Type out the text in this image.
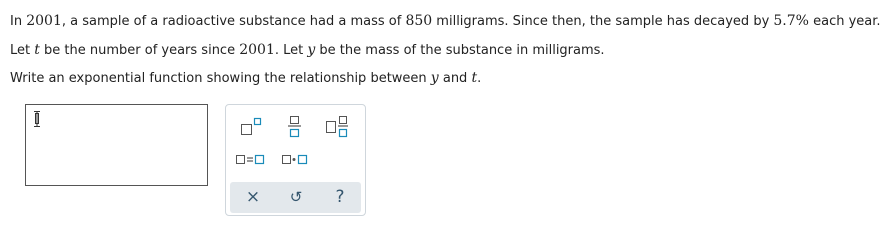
In 2001, a sample of a radioactive substance had a mass of 850 milligrams. Since then, the sample has decayed by 5.7% each year.
Let t be the number of years since 2001. Let y be the mass of the substance in milligrams.
Write an exponential function showing the relationship between y and t.
× ↺ ?
